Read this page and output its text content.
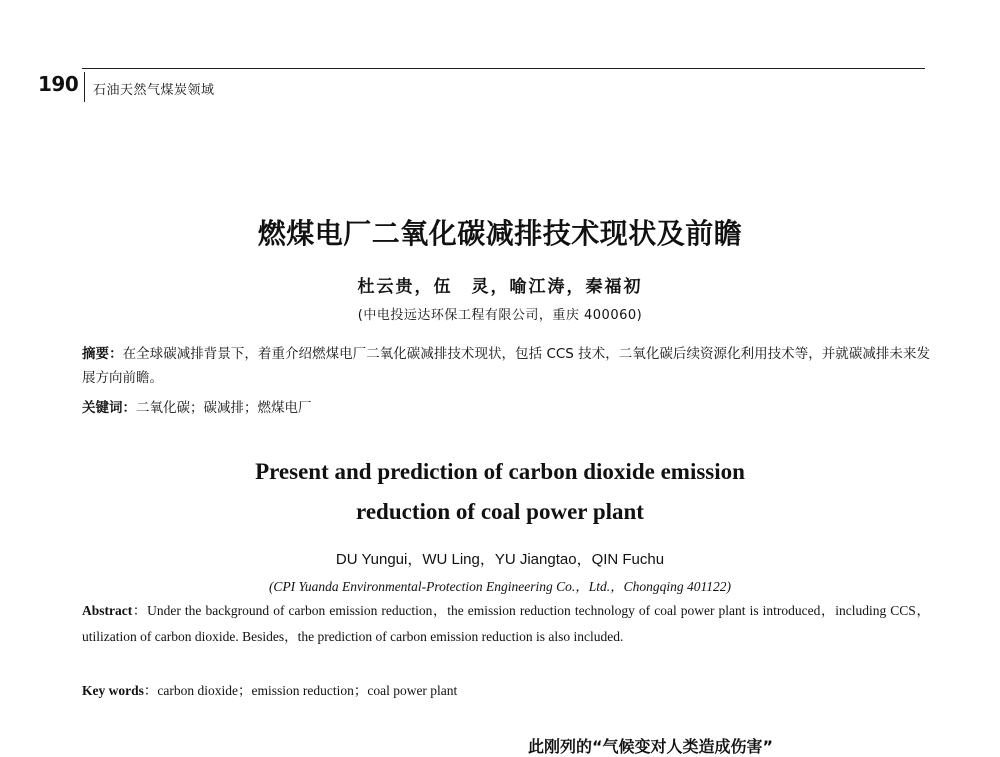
190 石油天然气煤炭领域
燃煤电厂二氧化碳减排技术现状及前瞻
杜云贵，伍　灵，喻江涛，秦福初
(中电投远达环保工程有限公司，重庆 400060)
摘要：在全球碳减排背景下，着重介绍燃煤电厂二氧化碳减排技术现状，包括 CCS 技术，二氧化碳后续资源化利用技术等，并就碳减排未来发展方向前瞻。
关键词：二氧化碳；碳减排；燃煤电厂
Present and prediction of carbon dioxide emission
reduction of coal power plant
DU Yungui，WU Ling，YU Jiangtao，QIN Fuchu
(CPI Yuanda Environmental-Protection Engineering Co.，Ltd.，Chongqing 401122)
Abstract：Under the background of carbon emission reduction，the emission reduction technology of coal power plant is introduced，including CCS，utilization of carbon dioxide. Besides，the prediction of carbon emission reduction is also included.
Key words：carbon dioxide；emission reduction；coal power plant
此刚列的“气候变对人类造成伤害”
